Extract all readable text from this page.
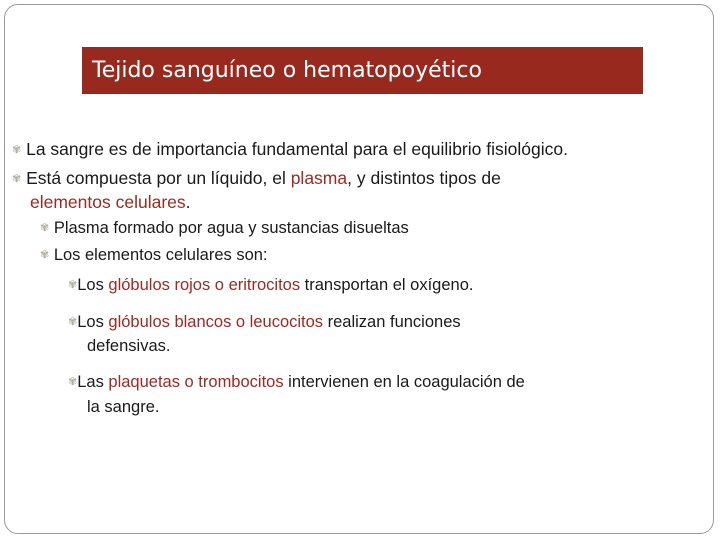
Tejido sanguíneo o hematopoyético
✾ La sangre es de importancia fundamental para el equilibrio fisiológico.
✾ Está compuesta por un líquido, el plasma, y distintos tipos de
elementos celulares.
✾ Plasma formado por agua y sustancias disueltas
✾ Los elementos celulares son:
✾Los glóbulos rojos o eritrocitos transportan el oxígeno.
✾Los glóbulos blancos o leucocitos realizan funciones
defensivas.
✾Las plaquetas o trombocitos intervienen en la coagulación de
la sangre.
